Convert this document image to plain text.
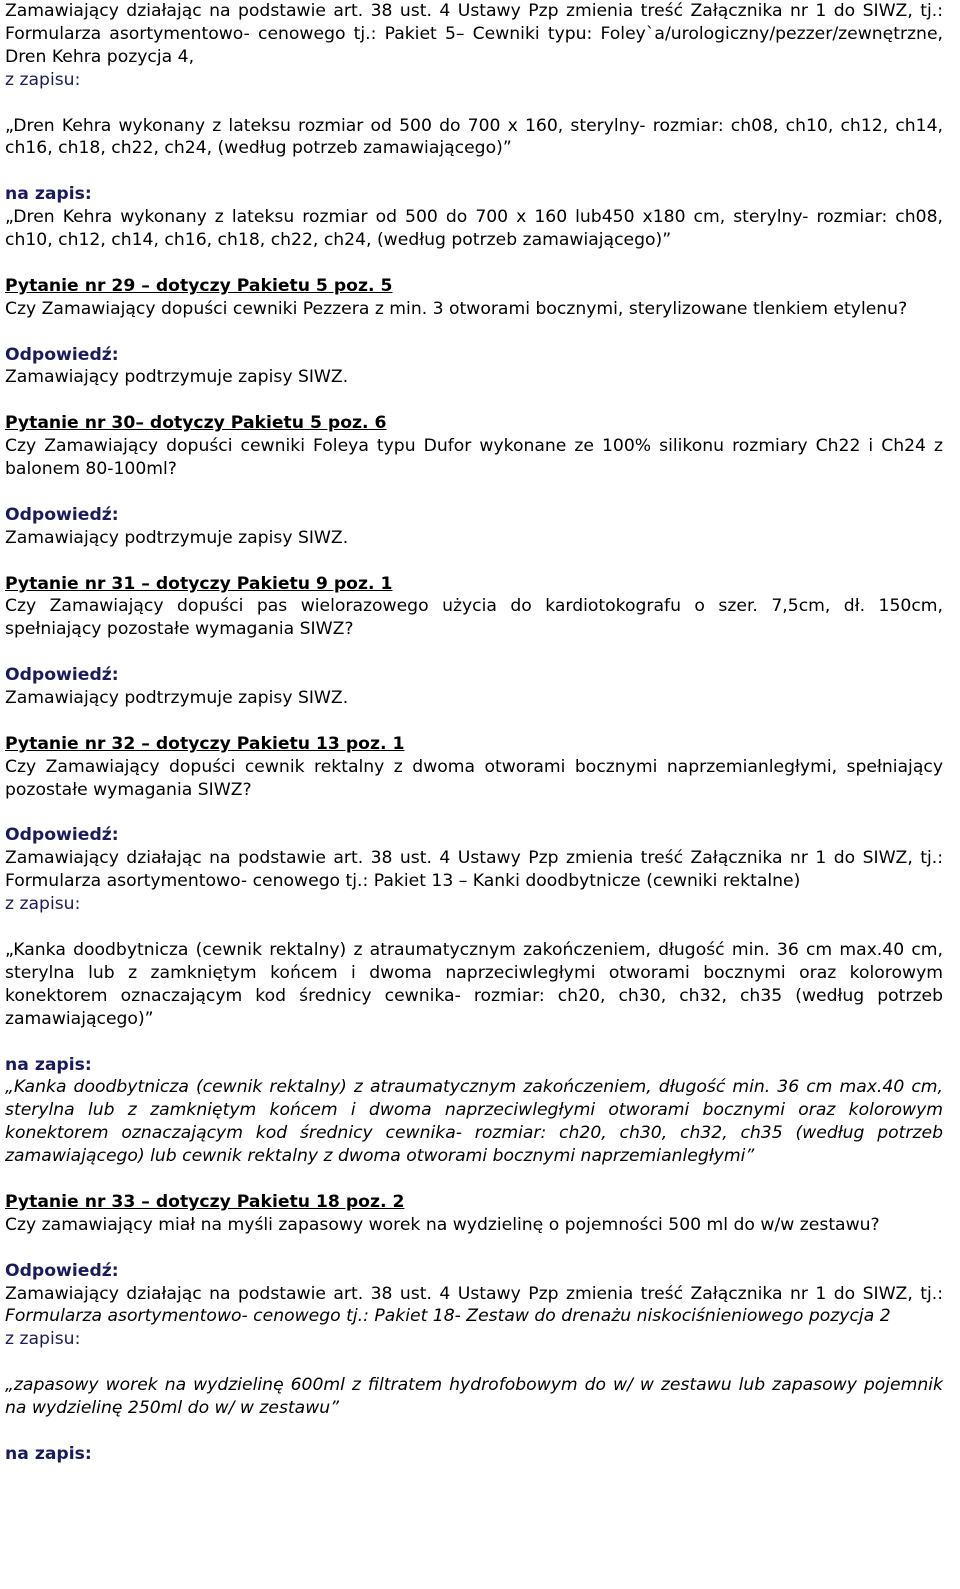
Zamawiający działając na podstawie art. 38 ust. 4 Ustawy Pzp zmienia treść Załącznika nr 1 do SIWZ, tj.: Formularza asortymentowo- cenowego tj.: Pakiet 5– Cewniki typu: Foley`a/urologiczny/pezzer/zewnętrzne, Dren Kehra pozycja 4,

z zapisu:

„Dren Kehra wykonany z lateksu rozmiar od 500 do 700 x 160, sterylny- rozmiar: ch08, ch10, ch12, ch14, ch16, ch18, ch22, ch24, (według potrzeb zamawiającego)”

na zapis:

„Dren Kehra wykonany z lateksu rozmiar od 500 do 700 x 160 lub450 x180 cm, sterylny- rozmiar: ch08, ch10, ch12, ch14, ch16, ch18, ch22, ch24, (według potrzeb zamawiającego)”

Pytanie nr 29 – dotyczy Pakietu 5 poz. 5

Czy Zamawiający dopuści cewniki Pezzera z min. 3 otworami bocznymi, sterylizowane tlenkiem etylenu?

Odpowiedź:

Zamawiający podtrzymuje zapisy SIWZ.

Pytanie nr 30– dotyczy Pakietu 5 poz. 6

Czy Zamawiający dopuści cewniki Foleya typu Dufor wykonane ze 100% silikonu rozmiary Ch22 i Ch24 z balonem 80-100ml?

Odpowiedź:

Zamawiający podtrzymuje zapisy SIWZ.

Pytanie nr 31 – dotyczy Pakietu 9 poz. 1

Czy Zamawiający dopuści pas wielorazowego użycia do kardiotokografu o szer. 7,5cm, dł. 150cm, spełniający pozostałe wymagania SIWZ?

Odpowiedź:

Zamawiający podtrzymuje zapisy SIWZ.

Pytanie nr 32 – dotyczy Pakietu 13 poz. 1

Czy Zamawiający dopuści cewnik rektalny z dwoma otworami bocznymi naprzemianległymi, spełniający pozostałe wymagania SIWZ?

Odpowiedź:

Zamawiający działając na podstawie art. 38 ust. 4 Ustawy Pzp zmienia treść Załącznika nr 1 do SIWZ, tj.: Formularza asortymentowo- cenowego tj.: Pakiet 13 – Kanki doodbytnicze (cewniki rektalne)

z zapisu:

„Kanka doodbytnicza (cewnik rektalny) z atraumatycznym zakończeniem, długość min. 36 cm max.40 cm, sterylna lub z zamkniętym końcem i dwoma naprzeciwległymi otworami bocznymi oraz kolorowym konektorem oznaczającym kod średnicy cewnika- rozmiar: ch20, ch30, ch32, ch35 (według potrzeb zamawiającego)”

na zapis:

„Kanka doodbytnicza (cewnik rektalny) z atraumatycznym zakończeniem, długość min. 36 cm max.40 cm, sterylna lub z zamkniętym końcem i dwoma naprzeciwległymi otworami bocznymi oraz kolorowym konektorem oznaczającym kod średnicy cewnika- rozmiar: ch20, ch30, ch32, ch35 (według potrzeb zamawiającego) lub cewnik rektalny z dwoma otworami bocznymi naprzemianległymi”

Pytanie nr 33 – dotyczy Pakietu 18 poz. 2

Czy zamawiający miał na myśli zapasowy worek na wydzielinę o pojemności 500 ml do w/w zestawu?

Odpowiedź:

Zamawiający działając na podstawie art. 38 ust. 4 Ustawy Pzp zmienia treść Załącznika nr 1 do SIWZ, tj.: Formularza asortymentowo- cenowego tj.: Pakiet 18- Zestaw do drenażu niskociśnieniowego pozycja 2

z zapisu:

„zapasowy worek na wydzielinę 600ml z filtratem hydrofobowym do w/ w zestawu lub zapasowy pojemnik na wydzielinę 250ml do w/ w zestawu”

na zapis:
